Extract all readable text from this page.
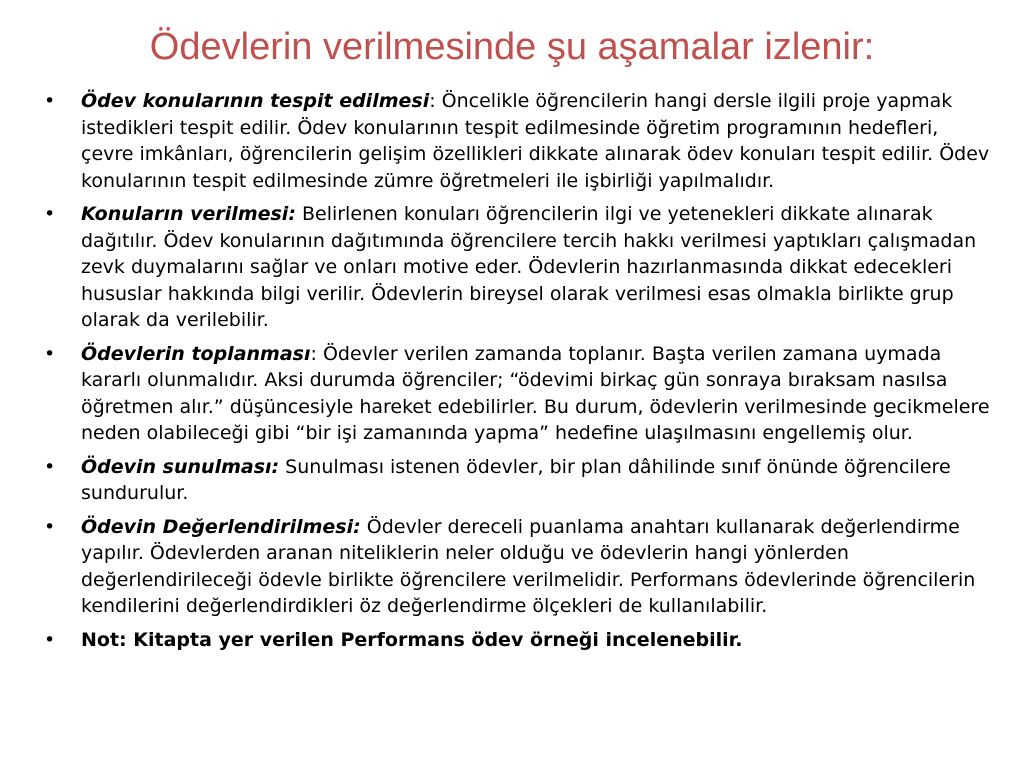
Ödevlerin verilmesinde şu aşamalar izlenir:
•	Ödev konularının tespit edilmesi: Öncelikle öğrencilerin hangi dersle ilgili proje yapmak istedikleri tespit edilir. Ödev konularının tespit edilmesinde öğretim programının hedefleri, çevre imkânları, öğrencilerin gelişim özellikleri dikkate alınarak ödev konuları tespit edilir. Ödev konularının tespit edilmesinde zümre öğretmeleri ile işbirliği yapılmalıdır.
•	Konuların verilmesi: Belirlenen konuları öğrencilerin ilgi ve yetenekleri dikkate alınarak dağıtılır. Ödev konularının dağıtımında öğrencilere tercih hakkı verilmesi yaptıkları çalışmadan zevk duymalarını sağlar ve onları motive eder. Ödevlerin hazırlanmasında dikkat edecekleri hususlar hakkında bilgi verilir. Ödevlerin bireysel olarak verilmesi esas olmakla birlikte grup olarak da verilebilir.
•	Ödevlerin toplanması: Ödevler verilen zamanda toplanır. Başta verilen zamana uymada kararlı olunmalıdır. Aksi durumda öğrenciler; “ödevimi birkaç gün sonraya bıraksam nasılsa öğretmen alır.” düşüncesiyle hareket edebilirler. Bu durum, ödevlerin verilmesinde gecikmelere neden olabileceği gibi “bir işi zamanında yapma” hedefine ulaşılmasını engellemiş olur.
•	Ödevin sunulması: Sunulması istenen ödevler, bir plan dâhilinde sınıf önünde öğrencilere sundurulur.
•	Ödevin Değerlendirilmesi: Ödevler dereceli puanlama anahtarı kullanarak değerlendirme yapılır. Ödevlerden aranan niteliklerin neler olduğu ve ödevlerin hangi yönlerden değerlendirileceği ödevle birlikte öğrencilere verilmelidir. Performans ödevlerinde öğrencilerin kendilerini değerlendirdikleri öz değerlendirme ölçekleri de kullanılabilir.
•	Not: Kitapta yer verilen Performans ödev örneği incelenebilir.
